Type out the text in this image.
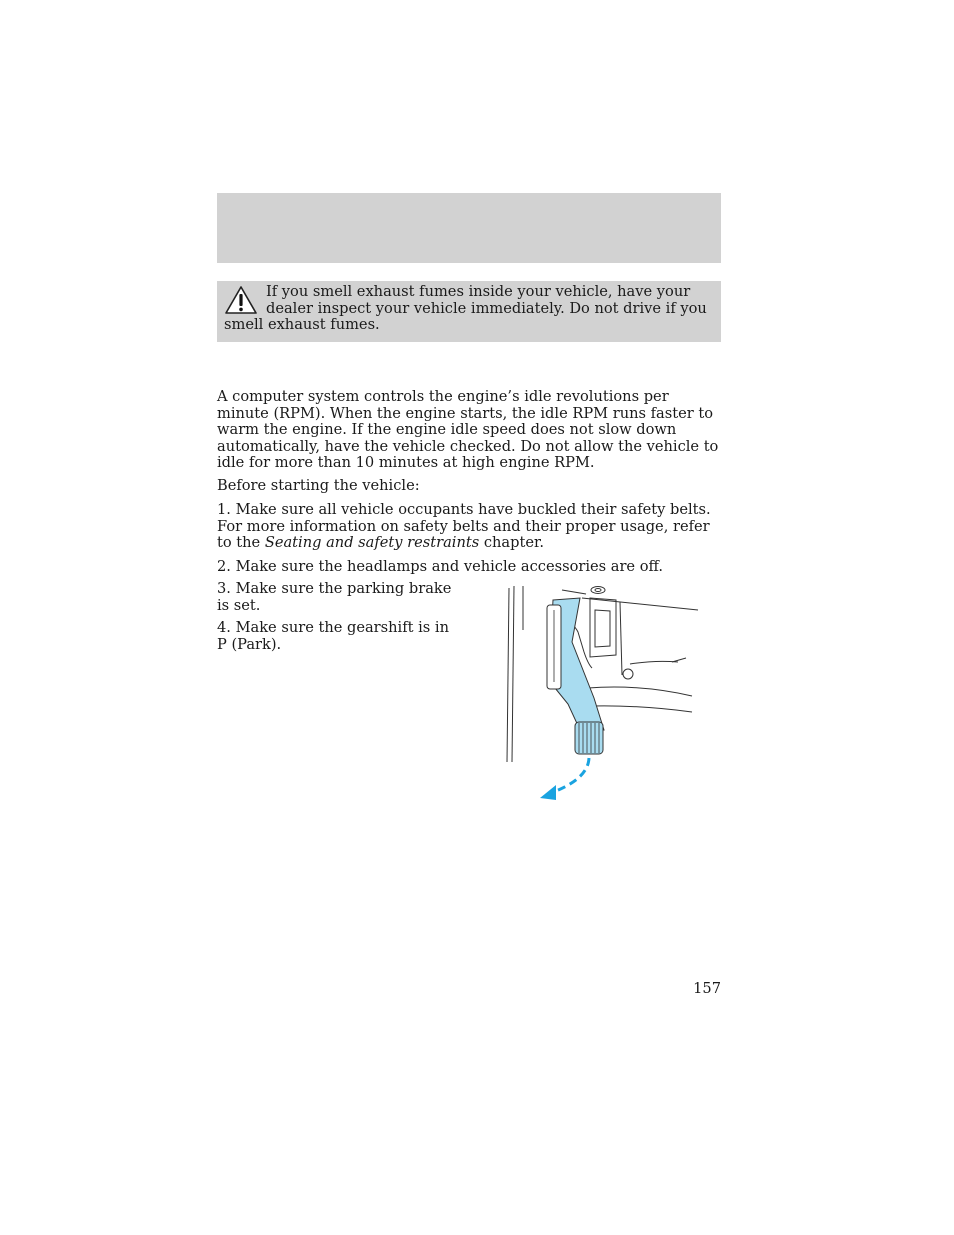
If you smell exhaust fumes inside your vehicle, have your dealer inspect your vehicle immediately. Do not drive if you smell exhaust fumes.

A computer system controls the engine’s idle revolutions per minute (RPM). When the engine starts, the idle RPM runs faster to warm the engine. If the engine idle speed does not slow down automatically, have the vehicle checked. Do not allow the vehicle to idle for more than 10 minutes at high engine RPM.

Before starting the vehicle:

1. Make sure all vehicle occupants have buckled their safety belts. For more information on safety belts and their proper usage, refer to the Seating and safety restraints chapter.

2. Make sure the headlamps and vehicle accessories are off.

3. Make sure the parking brake is set.

4. Make sure the gearshift is in P (Park).

157
